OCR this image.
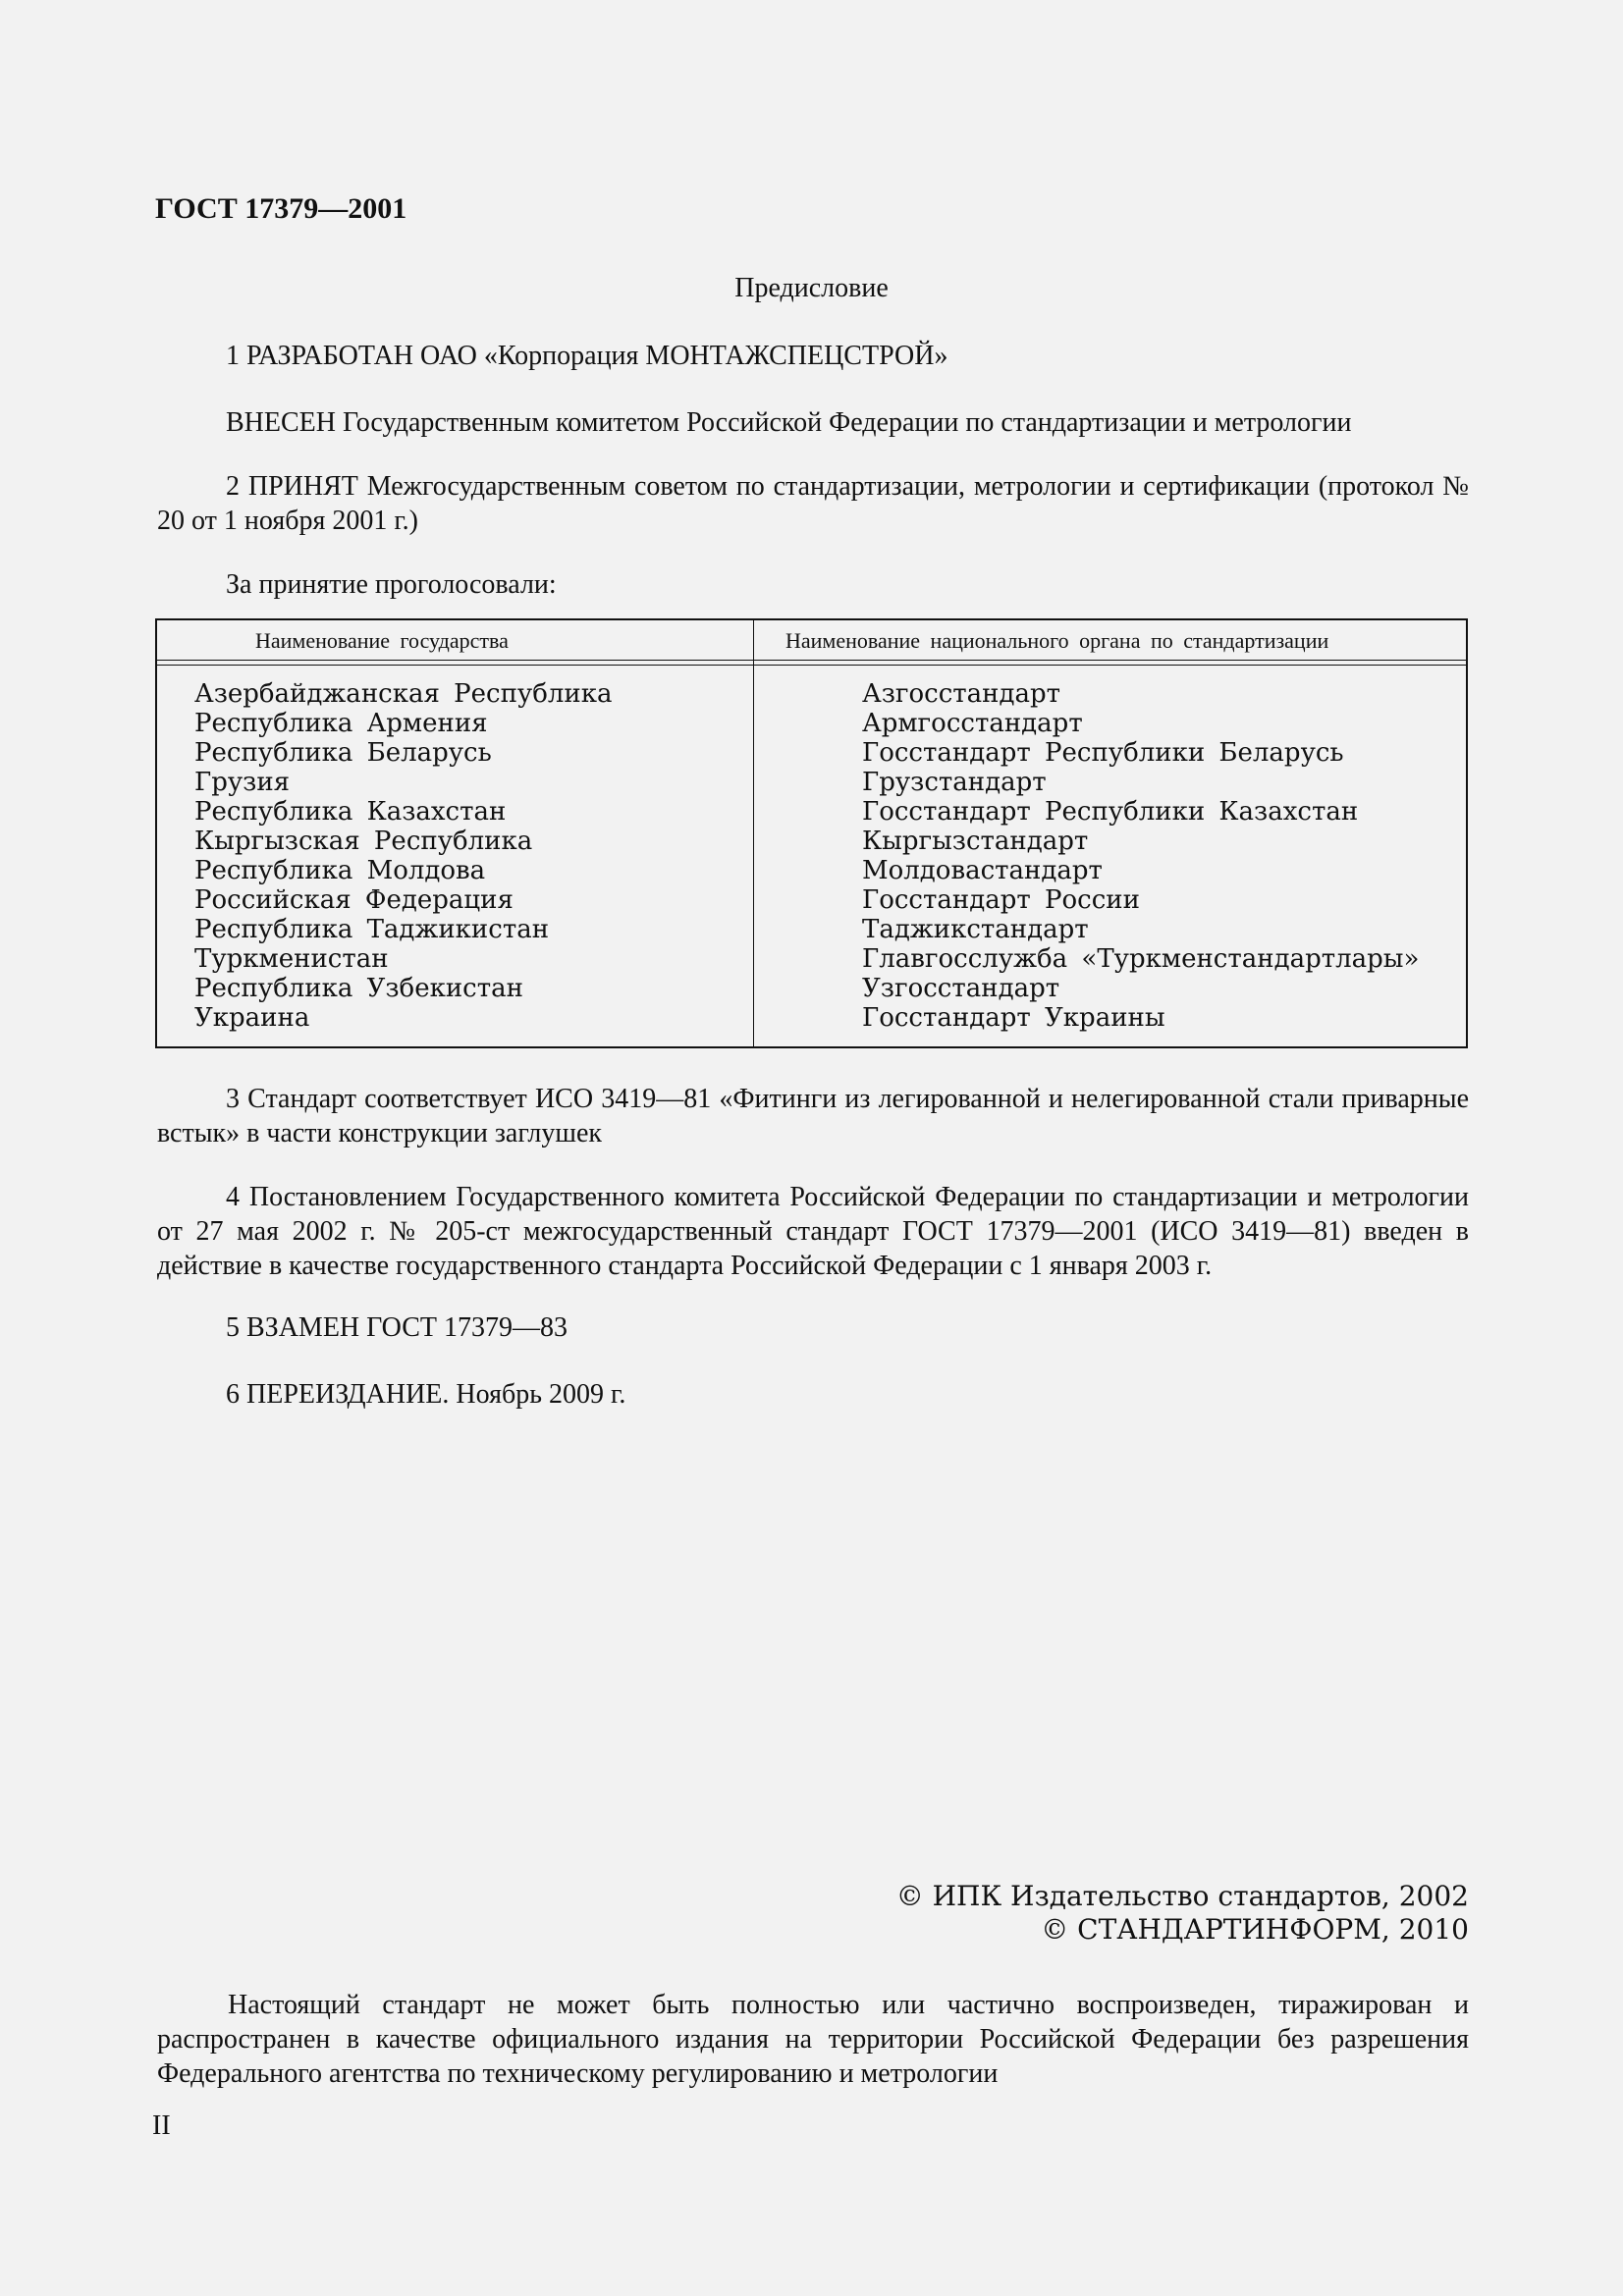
ГОСТ 17379—2001
Предисловие
1 РАЗРАБОТАН ОАО «Корпорация МОНТАЖСПЕЦСТРОЙ»
ВНЕСЕН Государственным комитетом Российской Федерации по стандартизации и метрологии
2 ПРИНЯТ Межгосударственным советом по стандартизации, метрологии и сертификации (протокол № 20 от 1 ноября 2001 г.)
За принятие проголосовали:
Наименование государства	Наименование национального органа по стандартизации
Азербайджанская Республика
Республика Армения
Республика Беларусь
Грузия
Республика Казахстан
Кыргызская Республика
Республика Молдова
Российская Федерация
Республика Таджикистан
Туркменистан
Республика Узбекистан
Украина
Азгосстандарт
Армгосстандарт
Госстандарт Республики Беларусь
Грузстандарт
Госстандарт Республики Казахстан
Кыргызстандарт
Молдовастандарт
Госстандарт России
Таджикстандарт
Главгосслужба «Туркменстандартлары»
Узгосстандарт
Госстандарт Украины
3 Стандарт соответствует ИСО 3419—81 «Фитинги из легированной и нелегированной стали приварные встык» в части конструкции заглушек
4 Постановлением Государственного комитета Российской Федерации по стандартизации и метрологии от 27 мая 2002 г. № 205-ст межгосударственный стандарт ГОСТ 17379—2001 (ИСО 3419—81) введен в действие в качестве государственного стандарта Российской Федерации с 1 января 2003 г.
5 ВЗАМЕН ГОСТ 17379—83
6 ПЕРЕИЗДАНИЕ. Ноябрь 2009 г.
© ИПК Издательство стандартов, 2002
© СТАНДАРТИНФОРМ, 2010
Настоящий стандарт не может быть полностью или частично воспроизведен, тиражирован и распространен в качестве официального издания на территории Российской Федерации без разрешения Федерального агентства по техническому регулированию и метрологии
II
